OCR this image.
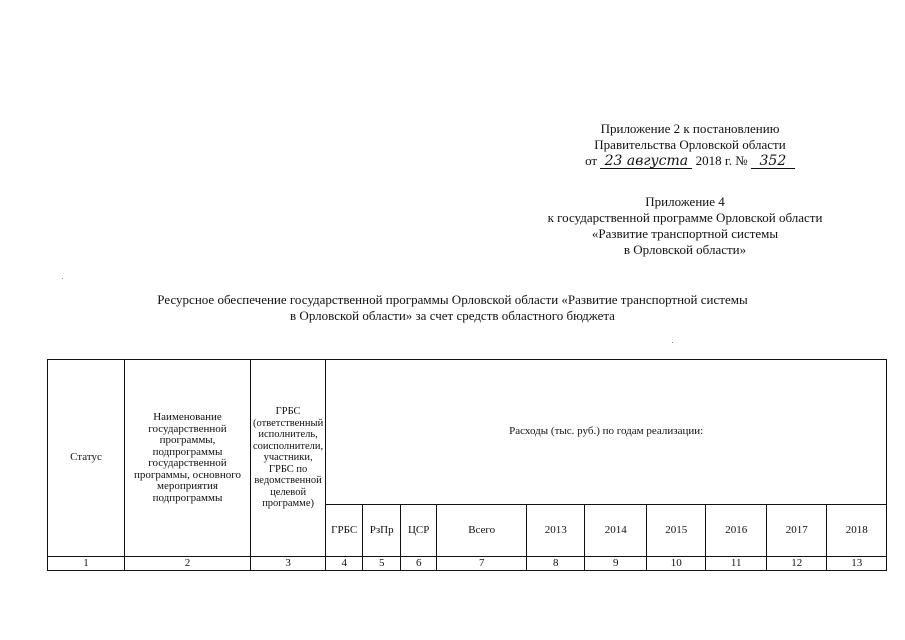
Приложение 2 к постановлению
Правительства Орловской области
от 23 августа 2018 г. № 352
Приложение 4
к государственной программе Орловской области
«Развитие транспортной системы
в Орловской области»
Ресурсное обеспечение государственной программы Орловской области «Развитие транспортной системы
в Орловской области» за счет средств областного бюджета
Статус	Наименование государственной программы, подпрограммы государственной программы, основного мероприятия подпрограммы	ГРБС (ответственный исполнитель, соисполнители, участники, ГРБС по ведомственной целевой программе)	Расходы (тыс. руб.) по годам реализации:									
			ГРБС	РзПр	ЦСР	Всего	2013	2014	2015	2016	2017	2018
1	2	3	4	5	6	7	8	9	10	11	12	13
